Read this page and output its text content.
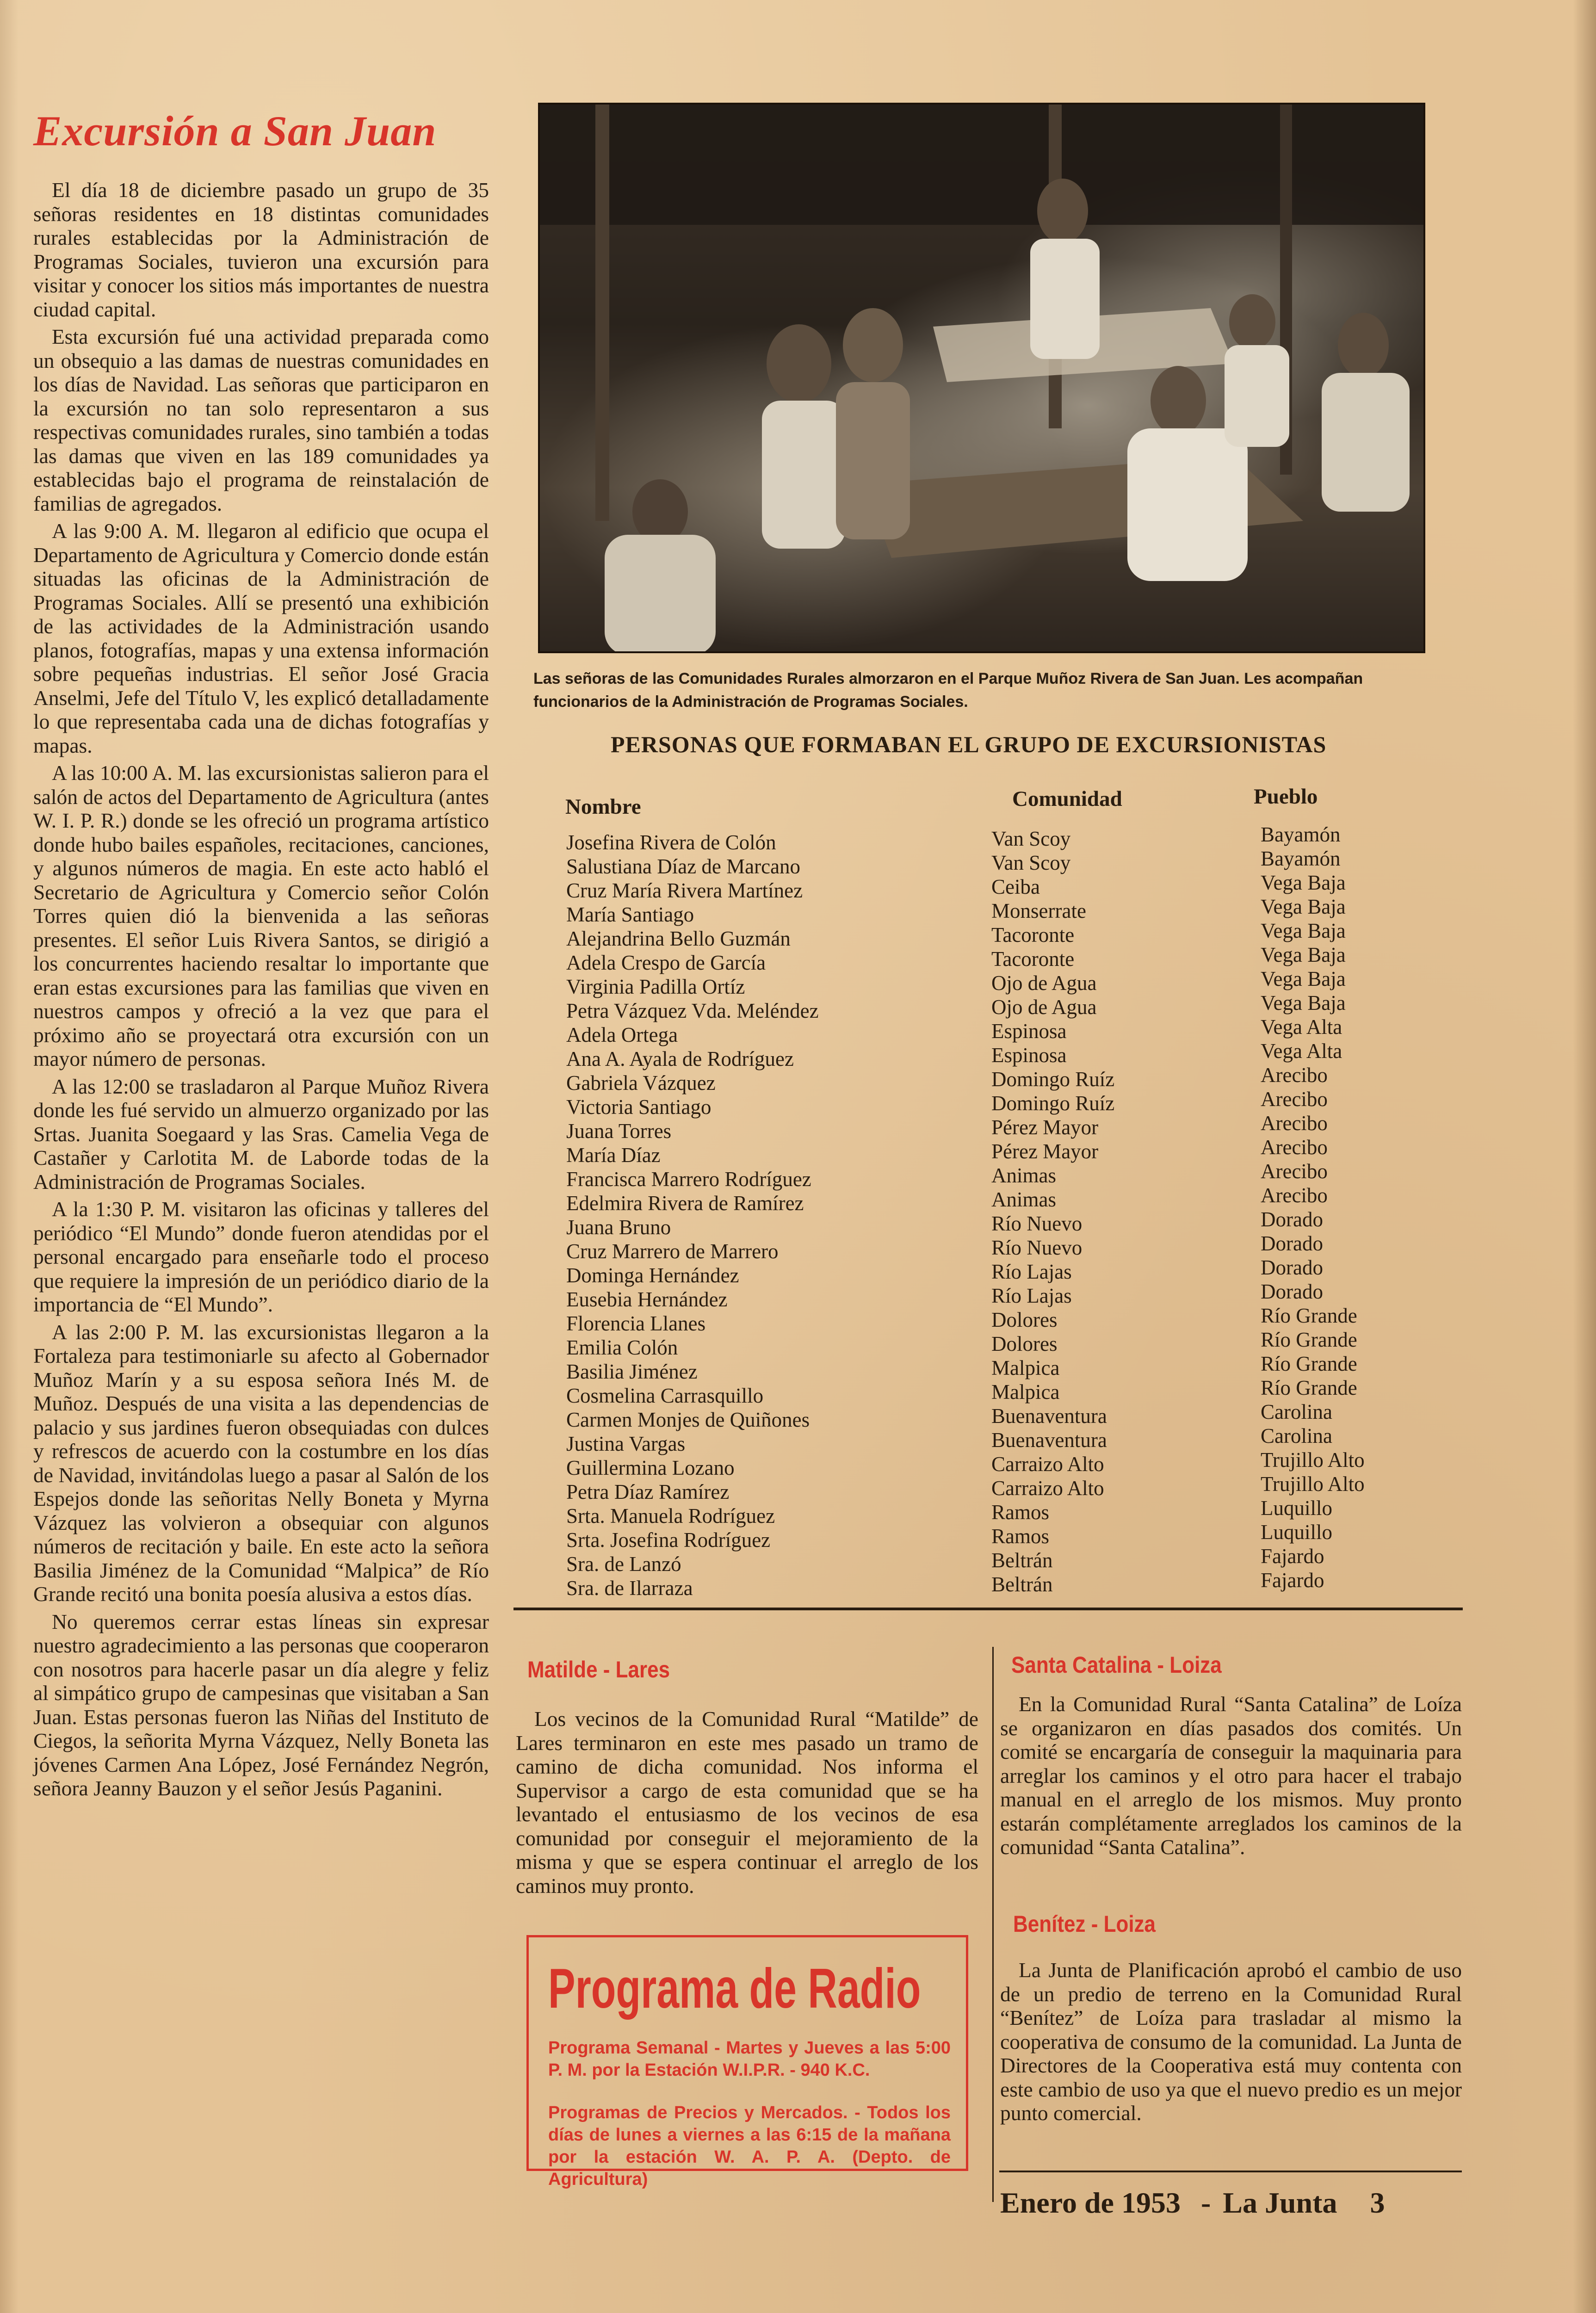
Excursión a San Juan

El día 18 de diciembre pasado un grupo de 35 señoras residentes en 18 distintas comunidades rurales establecidas por la Administración de Programas Sociales, tuvieron una excursión para visitar y conocer los sitios más importantes de nuestra ciudad capital.

Esta excursión fué una actividad preparada como un obsequio a las damas de nuestras comunidades en los días de Navidad. Las señoras que participaron en la excursión no tan solo representaron a sus respectivas comunidades rurales, sino también a todas las damas que viven en las 189 comunidades ya establecidas bajo el programa de reinstalación de familias de agregados.

A las 9:00 A. M. llegaron al edificio que ocupa el Departamento de Agricultura y Comercio donde están situadas las oficinas de la Administración de Programas Sociales. Allí se presentó una exhibición de las actividades de la Administración usando planos, fotografías, mapas y una extensa información sobre pequeñas industrias. El señor José Gracia Anselmi, Jefe del Título V, les explicó detalladamente lo que representaba cada una de dichas fotografías y mapas.

A las 10:00 A. M. las excursionistas salieron para el salón de actos del Departamento de Agricultura (antes W. I. P. R.) donde se les ofreció un programa artístico donde hubo bailes españoles, recitaciones, canciones, y algunos números de magia. En este acto habló el Secretario de Agricultura y Comercio señor Colón Torres quien dió la bienvenida a las señoras presentes. El señor Luis Rivera Santos, se dirigió a los concurrentes haciendo resaltar lo importante que eran estas excursiones para las familias que viven en nuestros campos y ofreció a la vez que para el próximo año se proyectará otra excursión con un mayor número de personas.

A las 12:00 se trasladaron al Parque Muñoz Rivera donde les fué servido un almuerzo organizado por las Srtas. Juanita Soegaard y las Sras. Camelia Vega de Castañer y Carlotita M. de Laborde todas de la Administración de Programas Sociales.

A la 1:30 P. M. visitaron las oficinas y talleres del periódico “El Mundo” donde fueron atendidas por el personal encargado para enseñarle todo el proceso que requiere la impresión de un periódico diario de la importancia de “El Mundo”.

A las 2:00 P. M. las excursionistas llegaron a la Fortaleza para testimoniarle su afecto al Gobernador Muñoz Marín y a su esposa señora Inés M. de Muñoz. Después de una visita a las dependencias de palacio y sus jardines fueron obsequiadas con dulces y refrescos de acuerdo con la costumbre en los días de Navidad, invitándolas luego a pasar al Salón de los Espejos donde las señoritas Nelly Boneta y Myrna Vázquez las volvieron a obsequiar con algunos números de recitación y baile. En este acto la señora Basilia Jiménez de la Comunidad “Malpica” de Río Grande recitó una bonita poesía alusiva a estos días.

No queremos cerrar estas líneas sin expresar nuestro agradecimiento a las personas que cooperaron con nosotros para hacerle pasar un día alegre y feliz al simpático grupo de campesinas que visitaban a San Juan. Estas personas fueron las Niñas del Instituto de Ciegos, la señorita Myrna Vázquez, Nelly Boneta las jóvenes Carmen Ana López, José Fernández Negrón, señora Jeanny Bauzon y el señor Jesús Paganini.

Las señoras de las Comunidades Rurales almorzaron en el Parque Muñoz Rivera de San Juan. Les acompañan funcionarios de la Administración de Programas Sociales.
PERSONAS QUE FORMABAN EL GRUPO DE EXCURSIONISTAS
Nombre	Comunidad	Pueblo
Josefina Rivera de Colón
Salustiana Díaz de Marcano
Cruz María Rivera Martínez
María Santiago
Alejandrina Bello Guzmán
Adela Crespo de García
Virginia Padilla Ortíz
Petra Vázquez Vda. Meléndez
Adela Ortega
Ana A. Ayala de Rodríguez
Gabriela Vázquez
Victoria Santiago
Juana Torres
María Díaz
Francisca Marrero Rodríguez
Edelmira Rivera de Ramírez
Juana Bruno
Cruz Marrero de Marrero
Dominga Hernández
Eusebia Hernández
Florencia Llanes
Emilia Colón
Basilia Jiménez
Cosmelina Carrasquillo
Carmen Monjes de Quiñones
Justina Vargas
Guillermina Lozano
Petra Díaz Ramírez
Srta. Manuela Rodríguez
Srta. Josefina Rodríguez
Sra. de Lanzó
Sra. de Ilarraza
Van Scoy
Van Scoy
Ceiba
Monserrate
Tacoronte
Tacoronte
Ojo de Agua
Ojo de Agua
Espinosa
Espinosa
Domingo Ruíz
Domingo Ruíz
Pérez Mayor
Pérez Mayor
Animas
Animas
Río Nuevo
Río Nuevo
Río Lajas
Río Lajas
Dolores
Dolores
Malpica
Malpica
Buenaventura
Buenaventura
Carraizo Alto
Carraizo Alto
Ramos
Ramos
Beltrán
Beltrán
Bayamón
Bayamón
Vega Baja
Vega Baja
Vega Baja
Vega Baja
Vega Baja
Vega Baja
Vega Alta
Vega Alta
Arecibo
Arecibo
Arecibo
Arecibo
Arecibo
Arecibo
Dorado
Dorado
Dorado
Dorado
Río Grande
Río Grande
Río Grande
Río Grande
Carolina
Carolina
Trujillo Alto
Trujillo Alto
Luquillo
Luquillo
Fajardo
Fajardo
Matilde - Lares

Los vecinos de la Comunidad Rural “Matilde” de Lares terminaron en este mes pasado un tramo de camino de dicha comunidad. Nos informa el Supervisor a cargo de esta comunidad que se ha levantado el entusiasmo de los vecinos de esa comunidad por conseguir el mejoramiento de la misma y que se espera continuar el arreglo de los caminos muy pronto.

Santa Catalina - Loiza

En la Comunidad Rural “Santa Catalina” de Loíza se organizaron en días pasados dos comités. Un comité se encargaría de conseguir la maquinaria para arreglar los caminos y el otro para hacer el trabajo manual en el arreglo de los mismos. Muy pronto estarán complétamente arreglados los caminos de la comunidad “Santa Catalina”.

Benítez - Loiza

La Junta de Planificación aprobó el cambio de uso de un predio de terreno en la Comunidad Rural “Benítez” de Loíza para trasladar al mismo la cooperativa de consumo de la comunidad. La Junta de Directores de la Cooperativa está muy contenta con este cambio de uso ya que el nuevo predio es un mejor punto comercial.

Programa de Radio
Programa Semanal - Martes y Jueves a las 5:00 P. M. por la Estación W.I.P.R. - 940 K.C.
Programas de Precios y Mercados. - Todos los días de lunes a viernes a las 6:15 de la mañana por la estación W. A. P. A. (Depto. de Agricultura)
Enero de 1953 - La Junta 3
